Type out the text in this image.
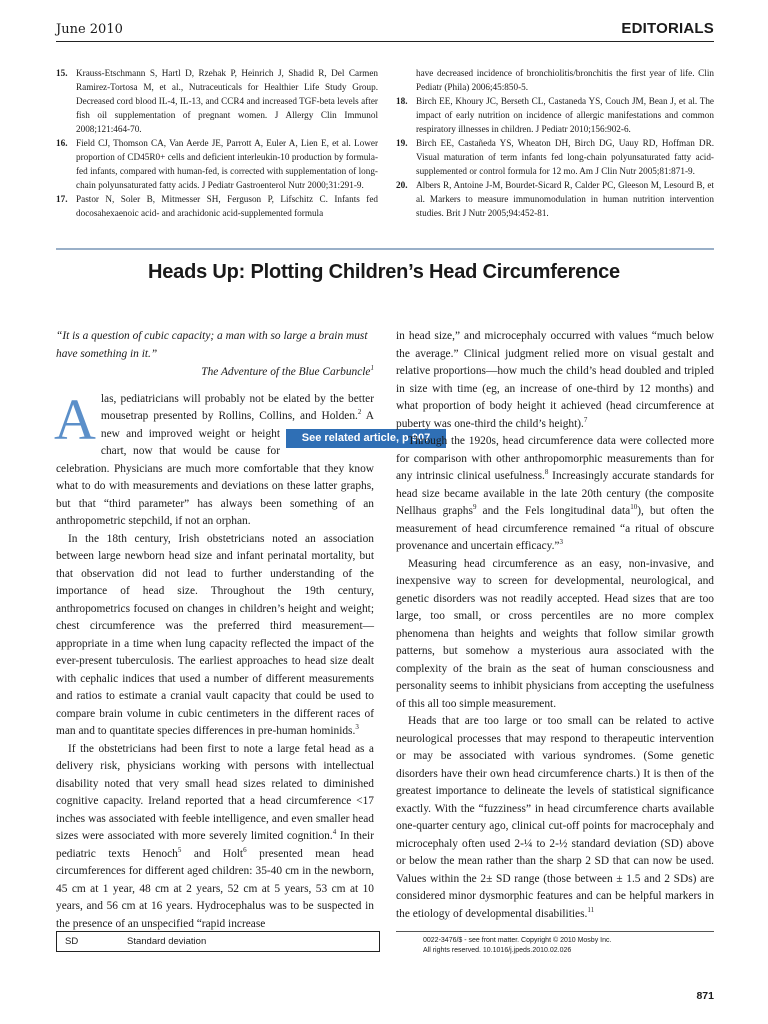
June 2010	EDITORIALS

15. Krauss-Etschmann S, Hartl D, Rzehak P, Heinrich J, Shadid R, Del Carmen Ramirez-Tortosa M, et al., Nutraceuticals for Healthier Life Study Group. Decreased cord blood IL-4, IL-13, and CCR4 and increased TGF-beta levels after fish oil supplementation of pregnant women. J Allergy Clin Immunol 2008;121:464-70.

16. Field CJ, Thomson CA, Van Aerde JE, Parrott A, Euler A, Lien E, et al. Lower proportion of CD45R0+ cells and deficient interleukin-10 production by formula-fed infants, compared with human-fed, is corrected with supplementation of long-chain polyunsaturated fatty acids. J Pediatr Gastroenterol Nutr 2000;31:291-9.

17. Pastor N, Soler B, Mitmesser SH, Ferguson P, Lifschitz C. Infants fed docosahexaenoic acid- and arachidonic acid-supplemented formula

have decreased incidence of bronchiolitis/bronchitis the first year of life. Clin Pediatr (Phila) 2006;45:850-5.

18. Birch EE, Khoury JC, Berseth CL, Castaneda YS, Couch JM, Bean J, et al. The impact of early nutrition on incidence of allergic manifestations and common respiratory illnesses in children. J Pediatr 2010;156:902-6.

19. Birch EE, Castañeda YS, Wheaton DH, Birch DG, Uauy RD, Hoffman DR. Visual maturation of term infants fed long-chain polyunsaturated fatty acid-supplemented or control formula for 12 mo. Am J Clin Nutr 2005;81:871-9.

20. Albers R, Antoine J-M, Bourdet-Sicard R, Calder PC, Gleeson M, Lesourd B, et al. Markers to measure immunomodulation in human nutrition intervention studies. Brit J Nutr 2005;94:452-81.

Heads Up: Plotting Children’s Head Circumference

“It is a question of cubic capacity; a man with so large a brain must have something in it.”

The Adventure of the Blue Carbuncle$^1$

Alas, pediatricians will probably not be elated by the better mousetrap presented by Rollins, Collins, and Holden.$^2$
See related article, p 907
A new and improved weight or height chart, now that would be cause for celebration. Physicians are much more comfortable that they know what to do with measurements and deviations on these latter graphs, but that “third parameter” has always been something of an anthropometric stepchild, if not an orphan.

In the 18th century, Irish obstetricians noted an association between large newborn head size and infant perinatal mortality, but that observation did not lead to further understanding of the importance of head size. Throughout the 19th century, anthropometrics focused on changes in children’s height and weight; chest circumference was the preferred third measurement—appropriate in a time when lung capacity reflected the impact of the ever-present tuberculosis. The earliest approaches to head size dealt with cephalic indices that used a number of different measurements and ratios to estimate a cranial vault capacity that could be used to compare brain volume in cubic centimeters in the different races of man and to quantitate species differences in pre-human hominids.$^3$

If the obstetricians had been first to note a large fetal head as a delivery risk, physicians working with persons with intellectual disability noted that very small head sizes related to diminished cognitive capacity. Ireland reported that a head circumference <17 inches was associated with feeble intelligence, and even smaller head sizes were associated with more severely limited cognition.$^4$ In their pediatric texts Henoch$^5$ and Holt$^6$ presented mean head circumferences for different aged children: 35-40 cm in the newborn, 45 cm at 1 year, 48 cm at 2 years, 52 cm at 5 years, 53 cm at 10 years, and 56 cm at 16 years. Hydrocephalus was to be suspected in the presence of an unspecified “rapid increase

in head size,” and microcephaly occurred with values “much below the average.” Clinical judgment relied more on visual gestalt and relative proportions—how much the child’s head doubled and tripled in size with time (eg, an increase of one-third by 12 months) and what proportion of body height it achieved (head circumference at puberty was one-third the child’s height).$^7$

Through the 1920s, head circumference data were collected more for comparison with other anthropomorphic measurements than for any intrinsic clinical usefulness.$^8$ Increasingly accurate standards for head size became available in the late 20th century (the composite Nellhaus graphs$^9$ and the Fels longitudinal data$^{10}$), but often the measurement of head circumference remained “a ritual of obscure provenance and uncertain efficacy.”$^3$

Measuring head circumference as an easy, non-invasive, and inexpensive way to screen for developmental, neurological, and genetic disorders was not readily accepted. Head sizes that are too large, too small, or cross percentiles are no more complex phenomena than heights and weights that follow similar growth patterns, but somehow a mysterious aura associated with the complexity of the brain as the seat of human consciousness and personality seems to inhibit physicians from accepting the usefulness of this all too simple measurement.

Heads that are too large or too small can be related to active neurological processes that may respond to therapeutic intervention or may be associated with various syndromes. (Some genetic disorders have their own head circumference charts.) It is then of the greatest importance to delineate the levels of statistical significance exactly. With the “fuzziness” in head circumference charts available one-quarter century ago, clinical cut-off points for macrocephaly and microcephaly often used 2-¼ to 2-½ standard deviation (SD) above or below the mean rather than the sharp 2 SD that can now be used. Values within the 2± SD range (those between ± 1.5 and 2 SDs) are considered minor dysmorphic features and can be helpful markers in the etiology of developmental disabilities.$^{11}$

SD	Standard deviation	0022-3476/$ - see front matter. Copyright © 2010 Mosby Inc.
All rights reserved. 10.1016/j.jpeds.2010.02.026
871
